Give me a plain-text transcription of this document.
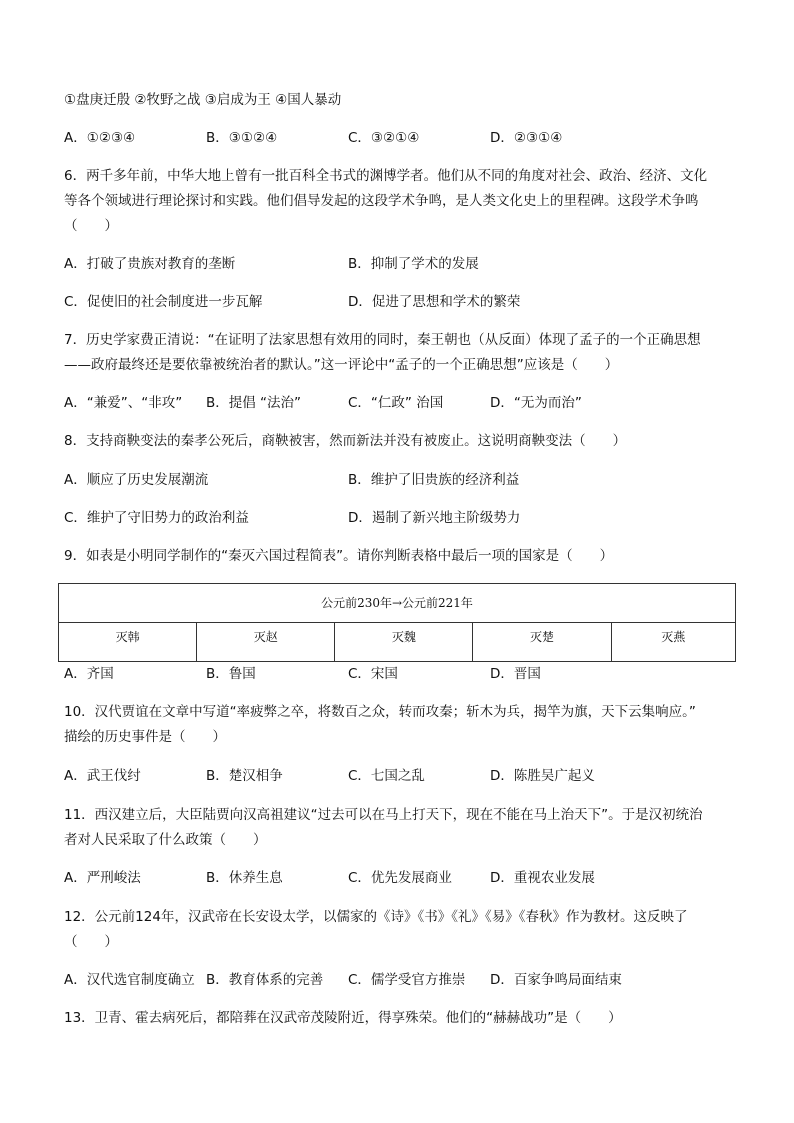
①盘庚迁殷 ②牧野之战 ③启成为王 ④国人暴动
A．①②③④	B．③①②④	C．③②①④	D．②③①④
6．两千多年前，中华大地上曾有一批百科全书式的渊博学者。他们从不同的角度对社会、政治、经济、文化
等各个领域进行理论探讨和实践。他们倡导发起的这段学术争鸣，是人类文化史上的里程碑。这段学术争鸣
（　　）
A．打破了贵族对教育的垄断	B．抑制了学术的发展
C．促使旧的社会制度进一步瓦解	D．促进了思想和学术的繁荣
7．历史学家费正清说：“在证明了法家思想有效用的同时，秦王朝也（从反面）体现了孟子的一个正确思想
——政府最终还是要依靠被统治者的默认。”这一评论中“孟子的一个正确思想”应该是（　　）
A．“兼爱”、“非攻” B．提倡 “法治”	C．“仁政” 治国	D．“无为而治”
8．支持商鞅变法的秦孝公死后，商鞅被害，然而新法并没有被废止。这说明商鞅变法（　　）
A．顺应了历史发展潮流	B．维护了旧贵族的经济利益
C．维护了守旧势力的政治利益	D．遏制了新兴地主阶级势力
9．如表是小明同学制作的“秦灭六国过程简表”。请你判断表格中最后一项的国家是（　　）
公元前230年→公元前221年
灭韩	灭赵	灭魏	灭楚	灭燕
A．齐国	B．鲁国	C．宋国	D．晋国
10．汉代贾谊在文章中写道“率疲弊之卒，将数百之众，转而攻秦；斩木为兵，揭竿为旗，天下云集响应。”
描绘的历史事件是（　　）
A．武王伐纣	B．楚汉相争	C．七国之乱	D．陈胜吴广起义
11．西汉建立后，大臣陆贾向汉高祖建议“过去可以在马上打天下，现在不能在马上治天下”。于是汉初统治
者对人民采取了什么政策（　　）
A．严刑峻法	B．休养生息	C．优先发展商业	D．重视农业发展
12．公元前124年，汉武帝在长安设太学，以儒家的《诗》《书》《礼》《易》《春秋》作为教材。这反映了
（　　）
A．汉代选官制度确立 B．教育体系的完善 C．儒学受官方推崇 D．百家争鸣局面结束
13．卫青、霍去病死后，都陪葬在汉武帝茂陵附近，得享殊荣。他们的“赫赫战功”是（　　）
